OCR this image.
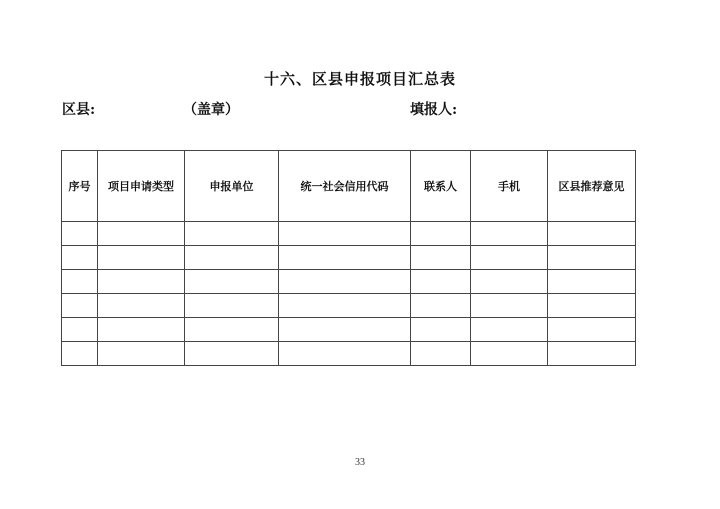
十六、区县申报项目汇总表
区县:	（盖章）	填报人:
序号	项目申请类型	申报单位	统一社会信用代码	联系人	手机	区县推荐意见

33
